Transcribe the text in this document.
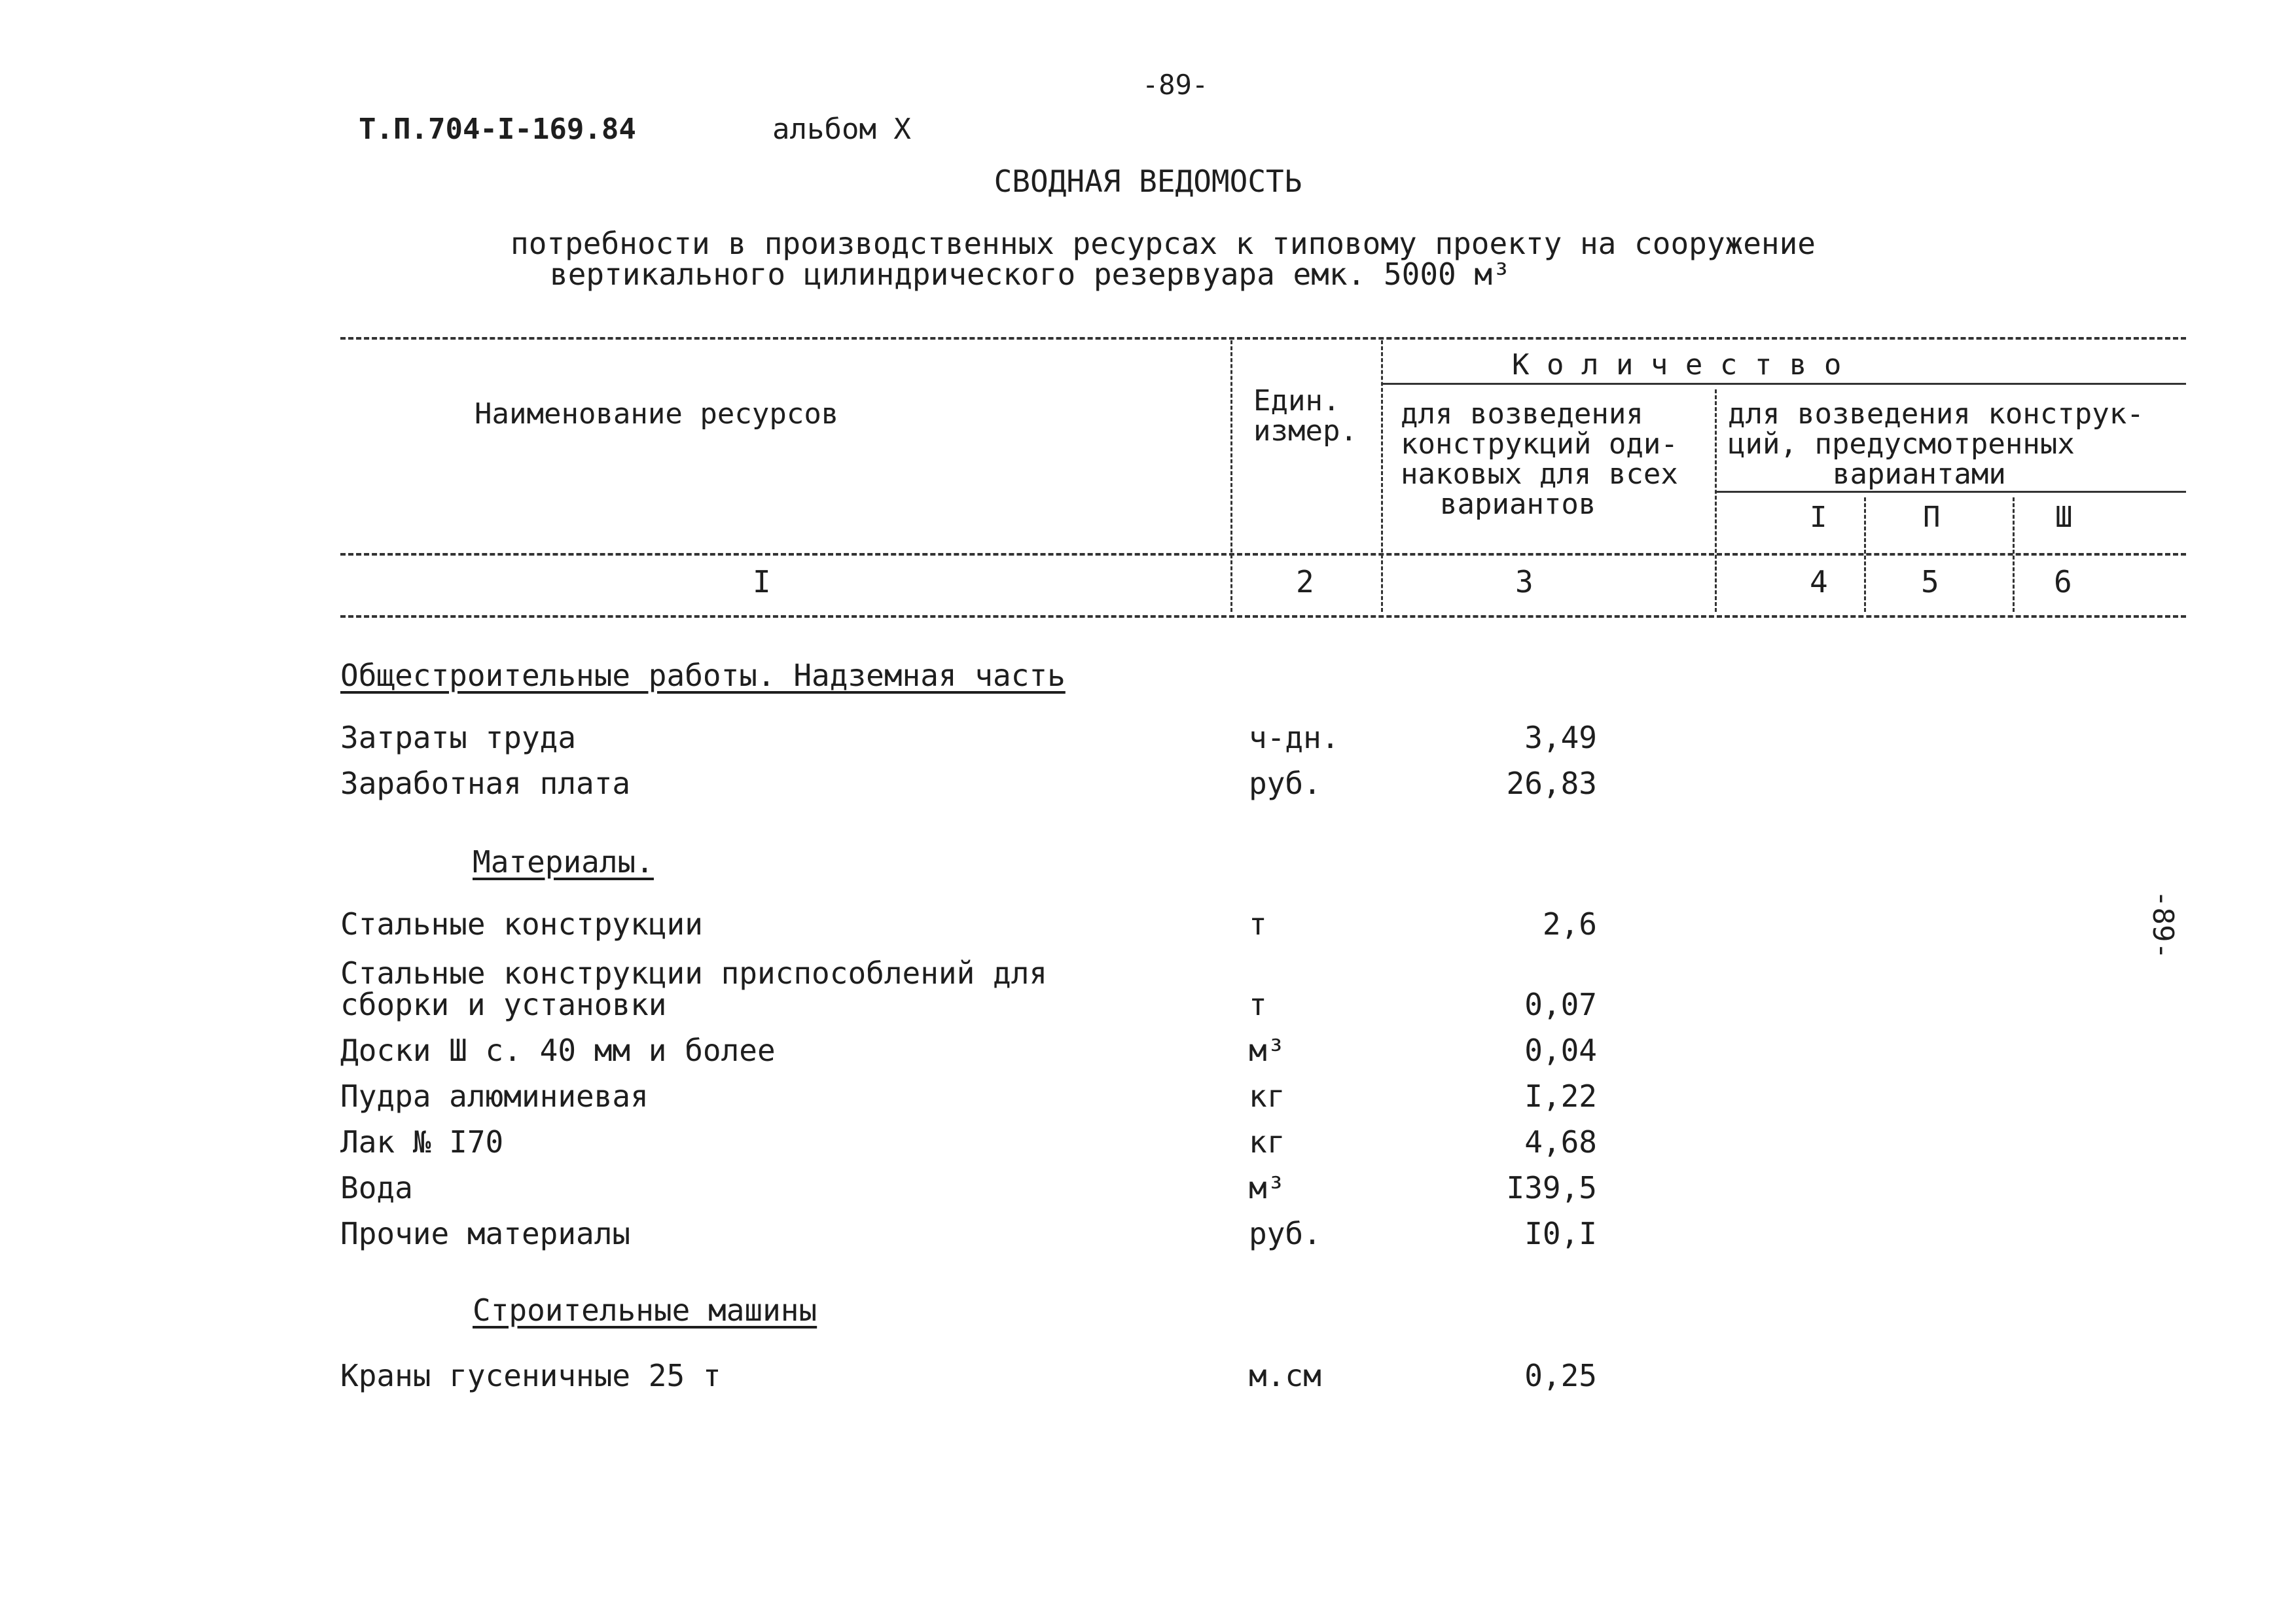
-89-
Т.П.704-I-169.84	альбом X
СВОДНАЯ ВЕДОМОСТЬ
потребности в производственных ресурсах к типовому проекту на сооружение
вертикального цилиндрического резервуара емк. 5000 м³
Наименование ресурсов	Един.
измер.
К о л и ч е с т в о
для возведения
конструкций оди-
наковых для всех
вариантов
для возведения конструк-
ций, предусмотренных
вариантами
I	П	Ш
I	2	3	4	5	6
Общестроительные работы. Надземная часть
Затраты труда	ч-дн.	3,49
Заработная плата	руб.	26,83
Материалы.
Стальные конструкции	т	2,6
Стальные конструкции приспособлений для
сборки и установки	т	0,07
Доски Ш с. 40 мм и более	м³	0,04
Пудра алюминиевая	кг	I,22
Лак № I70	кг	4,68
Вода	м³	I39,5
Прочие материалы	руб.	I0,I
Строительные машины
Краны гусеничные 25 т	м.см	0,25
-89-
